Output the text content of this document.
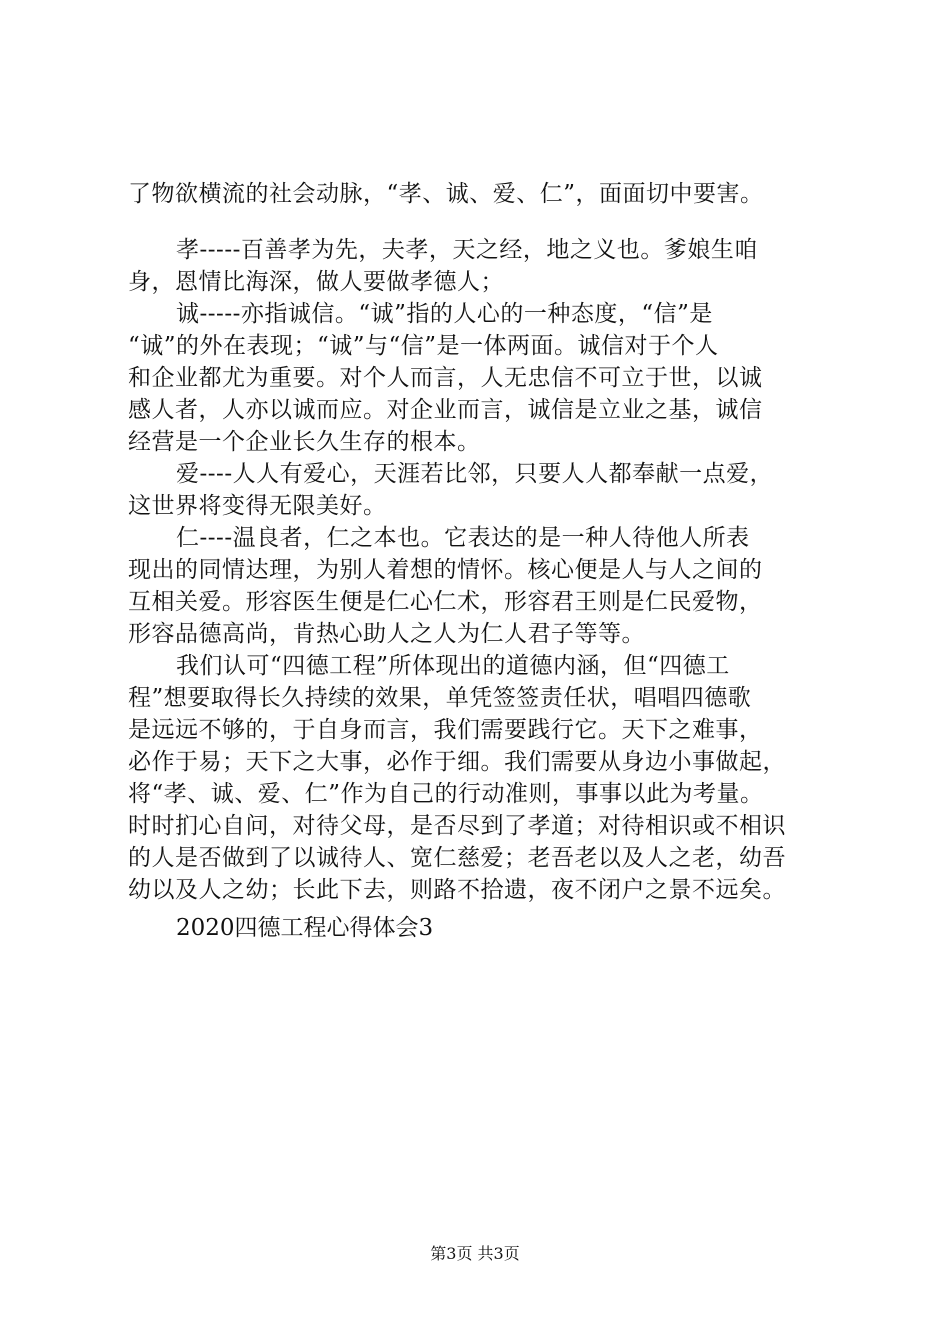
了物欲横流的社会动脉，“孝、诚、爱、仁”，面面切中要害。
孝-----百善孝为先，夫孝，天之经，地之义也。爹娘生咱
身，恩情比海深，做人要做孝德人；
诚-----亦指诚信。“诚”指的人心的一种态度，“信”是
“诚”的外在表现；“诚”与“信”是一体两面。诚信对于个人
和企业都尤为重要。对个人而言，人无忠信不可立于世，以诚
感人者，人亦以诚而应。对企业而言，诚信是立业之基，诚信
经营是一个企业长久生存的根本。
爱----人人有爱心，天涯若比邻，只要人人都奉献一点爱，
这世界将变得无限美好。
仁----温良者，仁之本也。它表达的是一种人待他人所表
现出的同情达理，为别人着想的情怀。核心便是人与人之间的
互相关爱。形容医生便是仁心仁术，形容君王则是仁民爱物，
形容品德高尚，肯热心助人之人为仁人君子等等。
我们认可“四德工程”所体现出的道德内涵，但“四德工
程”想要取得长久持续的效果，单凭签签责任状，唱唱四德歌
是远远不够的，于自身而言，我们需要践行它。天下之难事，
必作于易；天下之大事，必作于细。我们需要从身边小事做起，
将“孝、诚、爱、仁”作为自己的行动准则，事事以此为考量。
时时扪心自问，对待父母，是否尽到了孝道；对待相识或不相识
的人是否做到了以诚待人、宽仁慈爱；老吾老以及人之老，幼吾
幼以及人之幼；长此下去，则路不拾遗，夜不闭户之景不远矣。
2020四德工程心得体会3
第3页 共3页
